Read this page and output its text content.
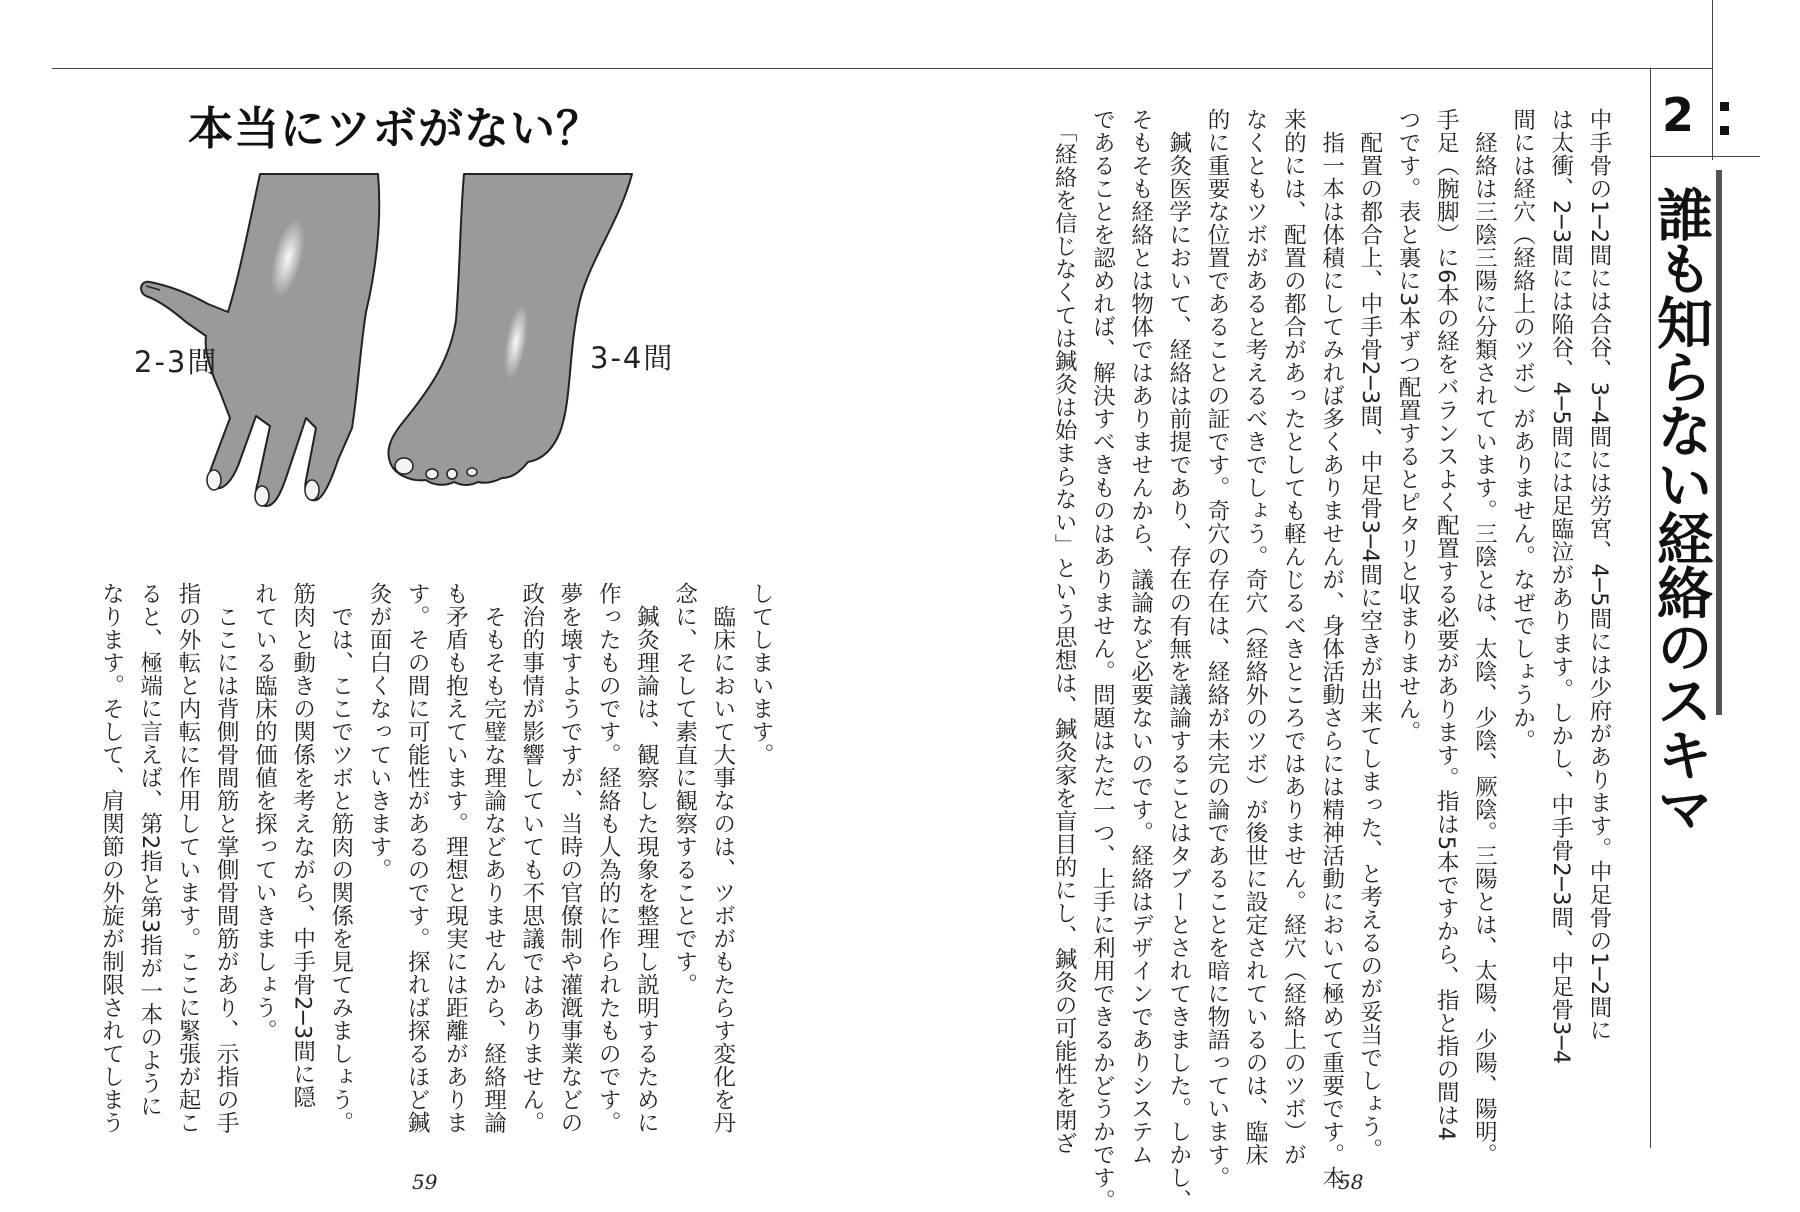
2
誰も知らない経絡のスキマ
中手骨の1─2間には合谷、3─4間には労宮、4─5間には少府があります。中足骨の1─2間に
は太衝、2─3間には陥谷、4─5間には足臨泣があります。しかし、中手骨2─3間、中足骨3─4
間には経穴（経絡上のツボ）がありません。なぜでしょうか。
　経絡は三陰三陽に分類されています。三陰とは、太陰、少陰、厥陰。三陽とは、太陽、少陽、陽明。
手足（腕脚）に6本の経をバランスよく配置する必要があります。指は5本ですから、指と指の間は4
つです。表と裏に3本ずつ配置するとピタリと収まりません。
　配置の都合上、中手骨2─3間、中足骨3─4間に空きが出来てしまった、と考えるのが妥当でしょう。
　指一本は体積にしてみれば多くありませんが、身体活動さらには精神活動において極めて重要です。本
来的には、配置の都合があったとしても軽んじるべきところではありません。経穴（経絡上のツボ）が
なくともツボがあると考えるべきでしょう。奇穴（経絡外のツボ）が後世に設定されているのは、臨床
的に重要な位置であることの証です。奇穴の存在は、経絡が未完の論であることを暗に物語っています。
　鍼灸医学において、経絡は前提であり、存在の有無を議論することはタブーとされてきました。しかし、
そもそも経絡とは物体ではありませんから、議論など必要ないのです。経絡はデザインでありシステム
であることを認めれば、解決すべきものはありません。問題はただ一つ、上手に利用できるかどうかです。
　「経絡を信じなくては鍼灸は始まらない」という思想は、鍼灸家を盲目的にし、鍼灸の可能性を閉ざ
58
本当にツボがない？
2-3間	3-4間
してしまいます。
　臨床において大事なのは、ツボがもたらす変化を丹
念に、そして素直に観察することです。
　鍼灸理論は、観察した現象を整理し説明するために
作ったものです。経絡も人為的に作られたものです。
夢を壊すようですが、当時の官僚制や灌漑事業などの
政治的事情が影響していても不思議ではありません。
　そもそも完璧な理論などありませんから、経絡理論
も矛盾も抱えています。理想と現実には距離がありま
す。その間に可能性があるのです。探れば探るほど鍼
灸が面白くなっていきます。
　では、ここでツボと筋肉の関係を見てみましょう。
筋肉と動きの関係を考えながら、中手骨2─3間に隠
れている臨床的価値を探っていきましょう。
　ここには背側骨間筋と掌側骨間筋があり、示指の手
指の外転と内転に作用しています。ここに緊張が起こ
ると、極端に言えば、第2指と第3指が一本のように
なります。そして、肩関節の外旋が制限されてしまう
59
